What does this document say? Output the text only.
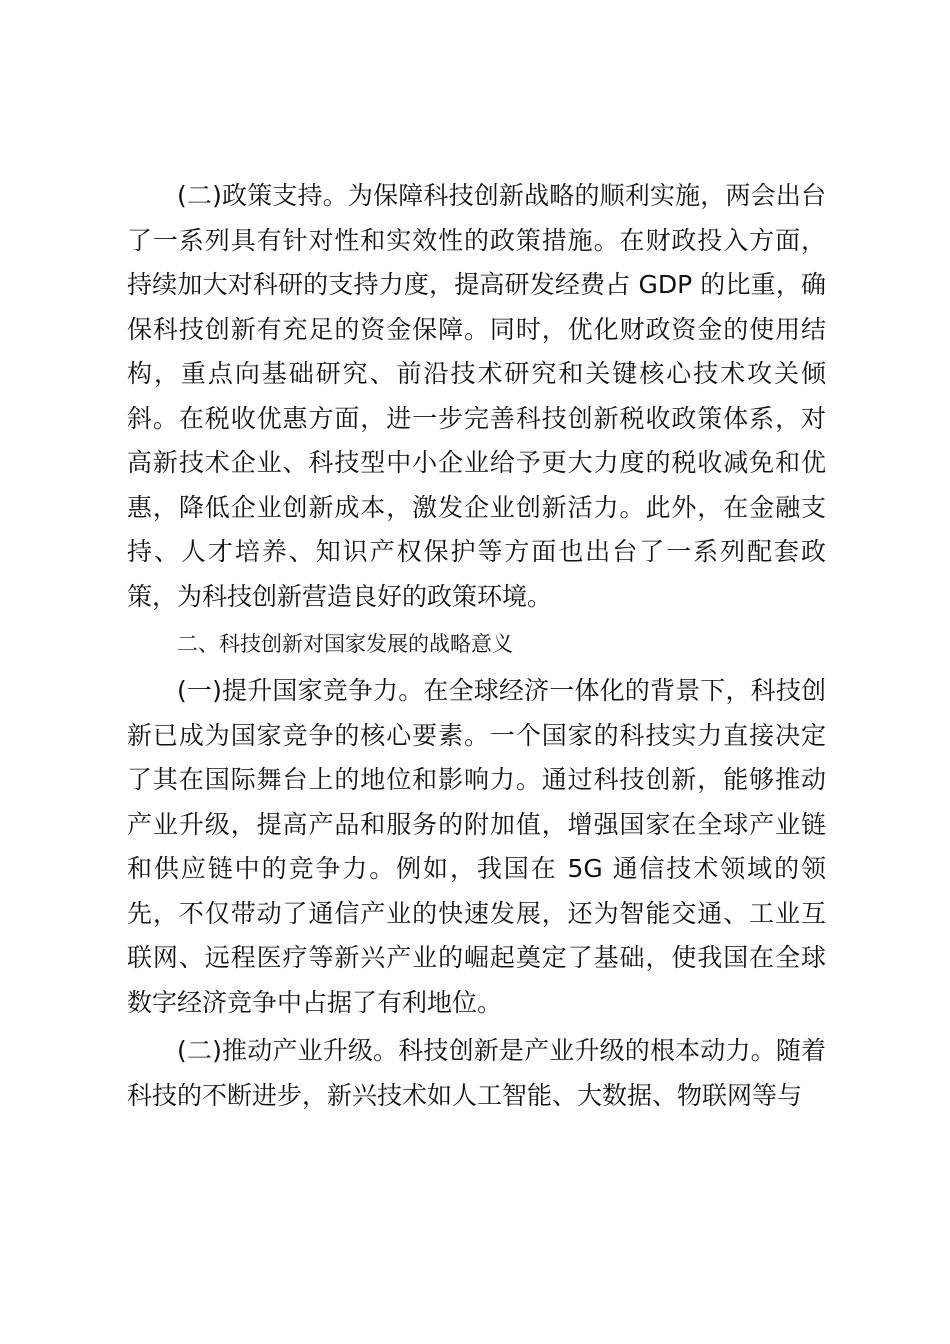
(二)政策支持。为保障科技创新战略的顺利实施，两会出台了一系列具有针对性和实效性的政策措施。在财政投入方面，持续加大对科研的支持力度，提高研发经费占 GDP 的比重，确保科技创新有充足的资金保障。同时，优化财政资金的使用结构，重点向基础研究、前沿技术研究和关键核心技术攻关倾斜。在税收优惠方面，进一步完善科技创新税收政策体系，对高新技术企业、科技型中小企业给予更大力度的税收减免和优惠，降低企业创新成本，激发企业创新活力。此外，在金融支持、人才培养、知识产权保护等方面也出台了一系列配套政策，为科技创新营造良好的政策环境。

二、科技创新对国家发展的战略意义

(一)提升国家竞争力。在全球经济一体化的背景下，科技创新已成为国家竞争的核心要素。一个国家的科技实力直接决定了其在国际舞台上的地位和影响力。通过科技创新，能够推动产业升级，提高产品和服务的附加值，增强国家在全球产业链和供应链中的竞争力。例如，我国在 5G 通信技术领域的领先，不仅带动了通信产业的快速发展，还为智能交通、工业互联网、远程医疗等新兴产业的崛起奠定了基础，使我国在全球数字经济竞争中占据了有利地位。

(二)推动产业升级。科技创新是产业升级的根本动力。随着科技的不断进步，新兴技术如人工智能、大数据、物联网等与
